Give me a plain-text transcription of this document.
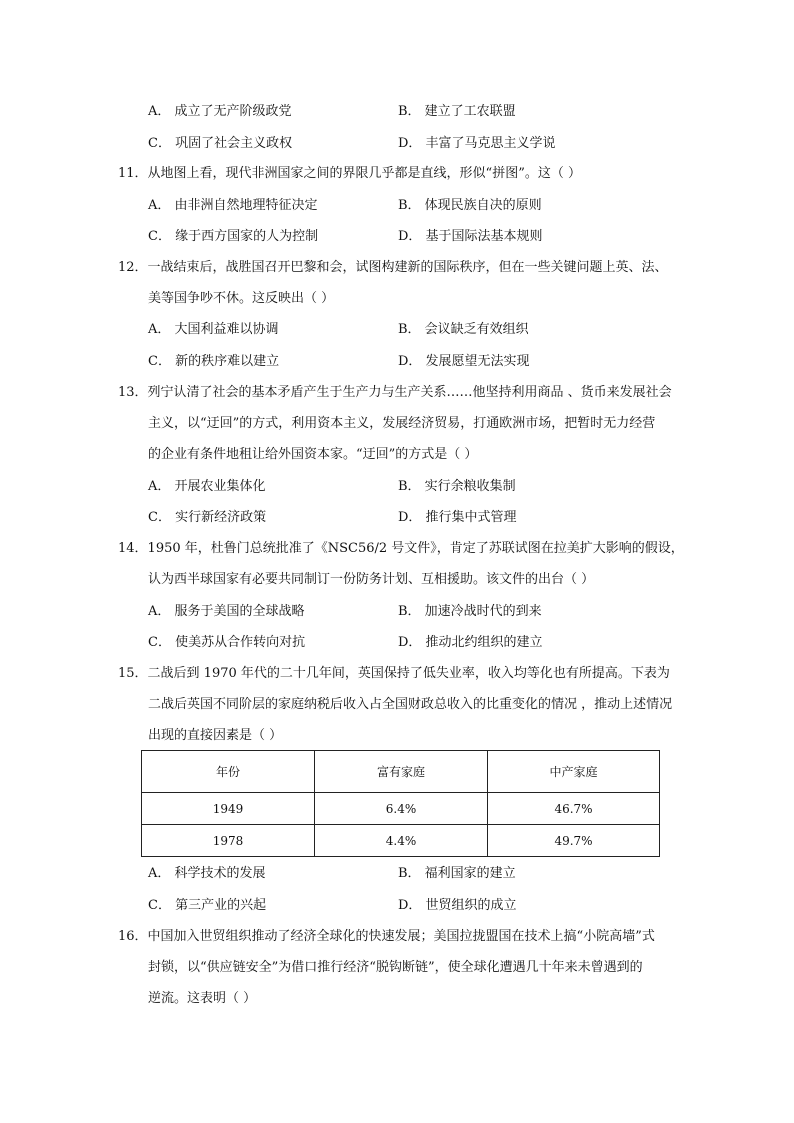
A． 成立了无产阶级政党	B． 建立了工农联盟
C． 巩固了社会主义政权	D． 丰富了马克思主义学说
11．从地图上看，现代非洲国家之间的界限几乎都是直线，形似“拼图”。这（ ）
A． 由非洲自然地理特征决定	B． 体现民族自决的原则
C． 缘于西方国家的人为控制	D． 基于国际法基本规则
12．一战结束后，战胜国召开巴黎和会，试图构建新的国际秩序，但在一些关键问题上英、法、
美等国争吵不休。这反映出（ ）
A． 大国利益难以协调	B． 会议缺乏有效组织
C． 新的秩序难以建立	D． 发展愿望无法实现
13．列宁认清了社会的基本矛盾产生于生产力与生产关系……他坚持利用商品 、货币来发展社会
主义，以“迂回”的方式，利用资本主义，发展经济贸易，打通欧洲市场，把暂时无力经营
的企业有条件地租让给外国资本家。“迂回”的方式是（ ）
A． 开展农业集体化	B． 实行余粮收集制
C． 实行新经济政策	D． 推行集中式管理
14．1950 年，杜鲁门总统批准了《NSC56/2 号文件》，肯定了苏联试图在拉美扩大影响的假设，
认为西半球国家有必要共同制订一份防务计划、互相援助。该文件的出台（ ）
A． 服务于美国的全球战略	B． 加速冷战时代的到来
C． 使美苏从合作转向对抗	D． 推动北约组织的建立
15．二战后到 1970 年代的二十几年间，英国保持了低失业率，收入均等化也有所提高。下表为
二战后英国不同阶层的家庭纳税后收入占全国财政总收入的比重变化的情况 ，推动上述情况
出现的直接因素是（ ）
年份	富有家庭	中产家庭
1949	6.4%	46.7%
1978	4.4%	49.7%
A． 科学技术的发展	B． 福利国家的建立
C． 第三产业的兴起	D． 世贸组织的成立
16．中国加入世贸组织推动了经济全球化的快速发展；美国拉拢盟国在技术上搞“小院高墙”式
封锁，以“供应链安全”为借口推行经济“脱钩断链”，使全球化遭遇几十年来未曾遇到的
逆流。这表明（ ）
